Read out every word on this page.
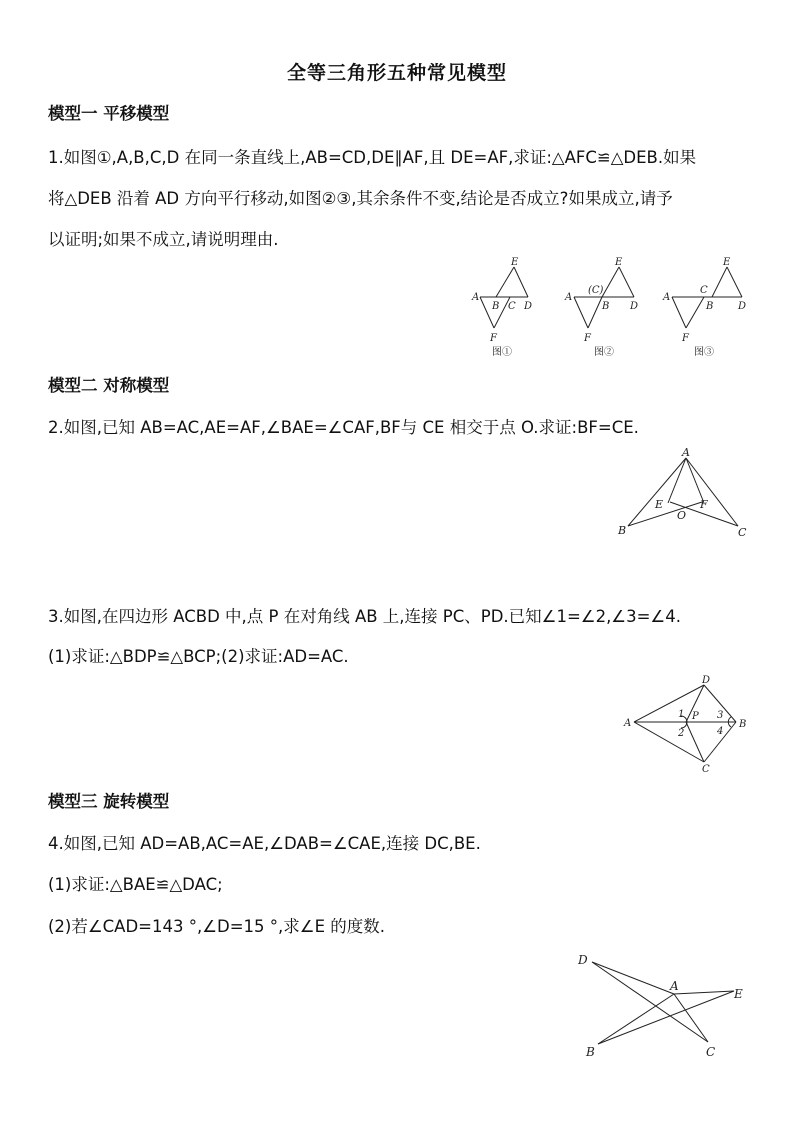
全等三角形五种常见模型
模型一 平移模型
1.如图①,A,B,C,D 在同一条直线上,AB=CD,DE∥AF,且 DE=AF,求证:△AFC≌△DEB.如果
将△DEB 沿着 AD 方向平行移动,如图②③,其余条件不变,结论是否成立?如果成立,请予
以证明;如果不成立,请说明理由.
A
B C D
E
F
图①
A
(C)
B D
E
F
图②
A
C
B D
E
F
图③
模型二 对称模型
2.如图,已知 AB=AC,AE=AF,∠BAE=∠CAF,BF与 CE 相交于点 O.求证:BF=CE.
A
B	C
E	F
O
3.如图,在四边形 ACBD 中,点 P 在对角线 AB 上,连接 PC、PD.已知∠1=∠2,∠3=∠4.
(1)求证:△BDP≌△BCP;(2)求证:AD=AC.
A	B
C
D
P
1
2
3
4
模型三 旋转模型
4.如图,已知 AD=AB,AC=AE,∠DAB=∠CAE,连接 DC,BE.
(1)求证:△BAE≌△DAC;
(2)若∠CAD=143 °,∠D=15 °,求∠E 的度数.
D
A
E
B	C
